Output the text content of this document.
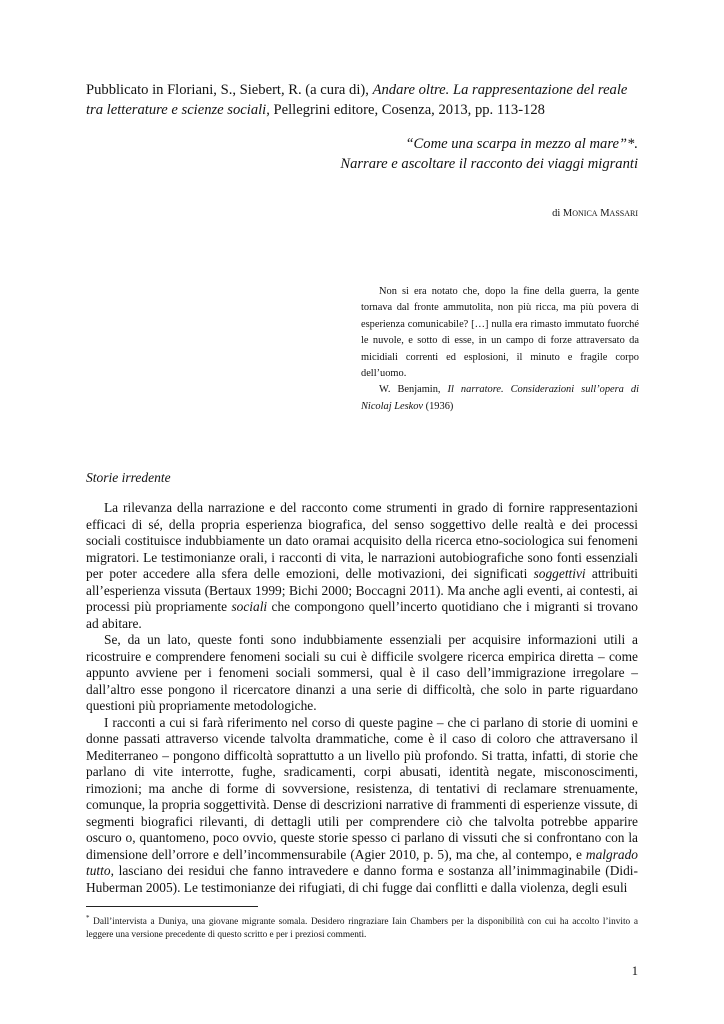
Pubblicato in Floriani, S., Siebert, R. (a cura di), Andare oltre. La rappresentazione del reale tra letterature e scienze sociali, Pellegrini editore, Cosenza, 2013, pp. 113-128
“Come una scarpa in mezzo al mare”*.
Narrare e ascoltare il racconto dei viaggi migranti
di Monica Massari

Non si era notato che, dopo la fine della guerra, la gente tornava dal fronte ammutolita, non più ricca, ma più povera di esperienza comunicabile? […] nulla era rimasto immutato fuorché le nuvole, e sotto di esse, in un campo di forze attraversato da micidiali correnti ed esplosioni, il minuto e fragile corpo dell’uomo.

W. Benjamin, Il narratore. Considerazioni sull’opera di Nicolaj Leskov (1936)

Storie irredente

La rilevanza della narrazione e del racconto come strumenti in grado di fornire rappresentazioni efficaci di sé, della propria esperienza biografica, del senso soggettivo delle realtà e dei processi sociali costituisce indubbiamente un dato oramai acquisito della ricerca etno-sociologica sui fenomeni migratori. Le testimonianze orali, i racconti di vita, le narrazioni autobiografiche sono fonti essenziali per poter accedere alla sfera delle emozioni, delle motivazioni, dei significati soggettivi attribuiti all’esperienza vissuta (Bertaux 1999; Bichi 2000; Boccagni 2011). Ma anche agli eventi, ai contesti, ai processi più propriamente sociali che compongono quell’incerto quotidiano che i migranti si trovano ad abitare.

Se, da un lato, queste fonti sono indubbiamente essenziali per acquisire informazioni utili a ricostruire e comprendere fenomeni sociali su cui è difficile svolgere ricerca empirica diretta – come appunto avviene per i fenomeni sociali sommersi, qual è il caso dell’immigrazione irregolare – dall’altro esse pongono il ricercatore dinanzi a una serie di difficoltà, che solo in parte riguardano questioni più propriamente metodologiche.

I racconti a cui si farà riferimento nel corso di queste pagine – che ci parlano di storie di uomini e donne passati attraverso vicende talvolta drammatiche, come è il caso di coloro che attraversano il Mediterraneo – pongono difficoltà soprattutto a un livello più profondo. Si tratta, infatti, di storie che parlano di vite interrotte, fughe, sradicamenti, corpi abusati, identità negate, misconoscimenti, rimozioni; ma anche di forme di sovversione, resistenza, di tentativi di reclamare strenuamente, comunque, la propria soggettività. Dense di descrizioni narrative di frammenti di esperienze vissute, di segmenti biografici rilevanti, di dettagli utili per comprendere ciò che talvolta potrebbe apparire oscuro o, quantomeno, poco ovvio, queste storie spesso ci parlano di vissuti che si confrontano con la dimensione dell’orrore e dell’incommensurabile (Agier 2010, p. 5), ma che, al contempo, e malgrado tutto, lasciano dei residui che fanno intravedere e danno forma e sostanza all’inimmaginabile (Didi-Huberman 2005). Le testimonianze dei rifugiati, di chi fugge dai conflitti e dalla violenza, degli esuli

* Dall’intervista a Duniya, una giovane migrante somala. Desidero ringraziare Iain Chambers per la disponibilità con cui ha accolto l’invito a leggere una versione precedente di questo scritto e per i preziosi commenti.
1
